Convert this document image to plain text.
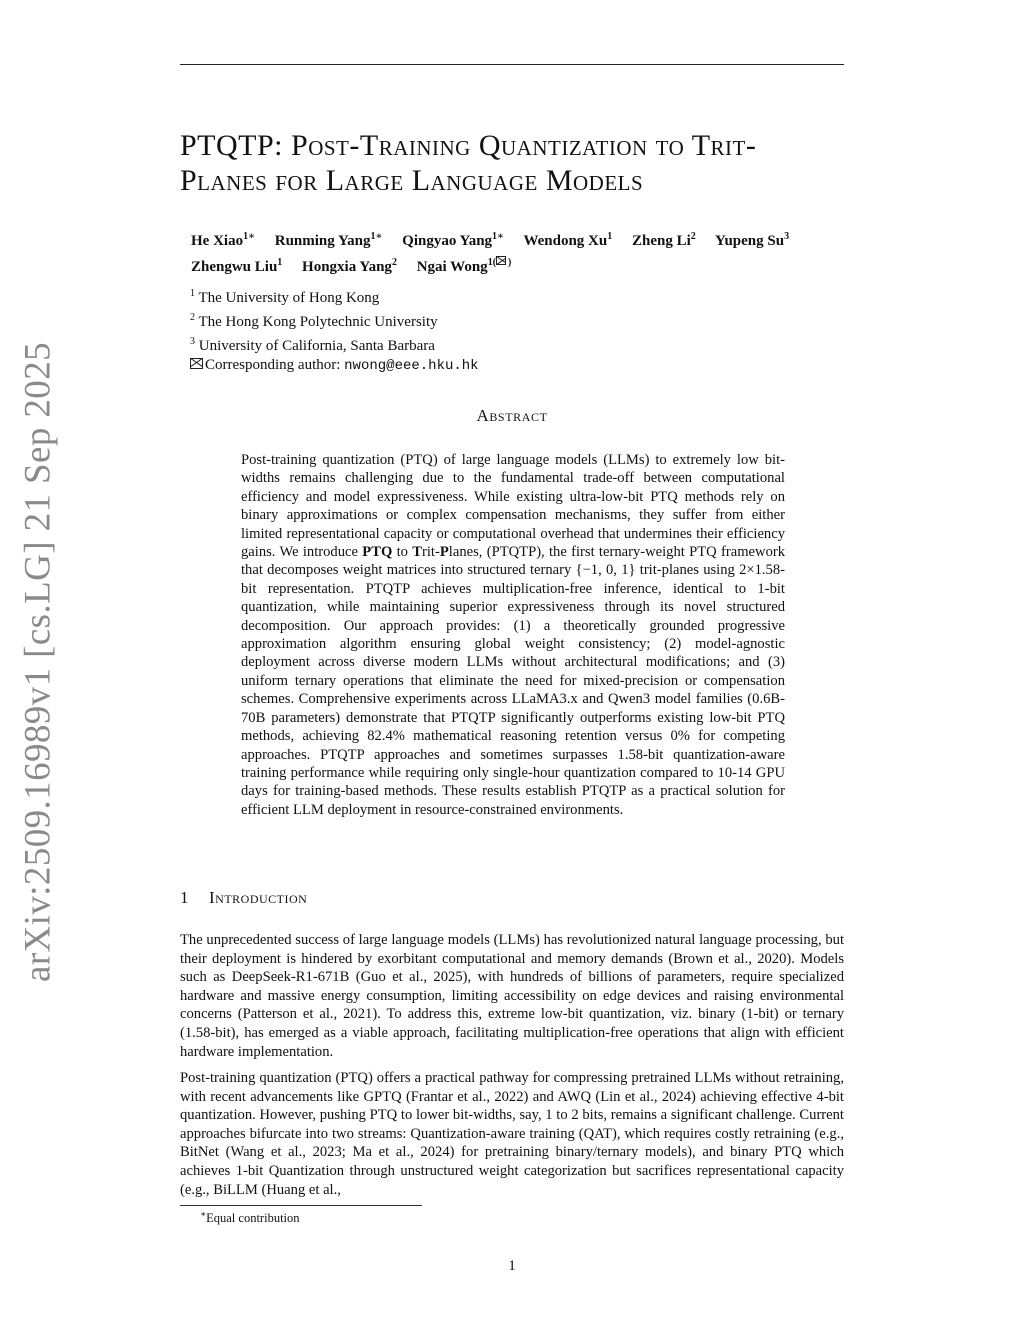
arXiv:2509.16989v1 [cs.LG] 21 Sep 2025
PTQTP: Post-Training Quantization to Trit-
Planes for Large Language Models
He Xiao$^{1∗}$ Runming Yang$^{1∗}$ Qingyao Yang$^{1∗}$ Wendong Xu$^1$ Zheng Li$^2$ Yupeng Su$^3$
Zhengwu Liu$^1$ Hongxia Yang$^2$ Ngai Wong$^{1( )}$
$^1$ The University of Hong Kong
$^2$ The Hong Kong Polytechnic University
$^3$ University of California, Santa Barbara
Corresponding author: nwong@eee.hku.hk
Abstract
Post-training quantization (PTQ) of large language models (LLMs) to extremely low bit-widths remains challenging due to the fundamental trade-off between computational efficiency and model expressiveness. While existing ultra-low-bit PTQ methods rely on binary approximations or complex compensation mechanisms, they suffer from either limited representational capacity or computational overhead that undermines their efficiency gains. We introduce PTQ to Trit-Planes, (PTQTP), the first ternary-weight PTQ framework that decomposes weight matrices into structured ternary {−1, 0, 1} trit-planes using 2×1.58-bit representation. PTQTP achieves multiplication-free inference, identical to 1-bit quantization, while maintaining superior expressiveness through its novel structured decomposition. Our approach provides: (1) a theoretically grounded progressive approximation algorithm ensuring global weight consistency; (2) model-agnostic deployment across diverse modern LLMs without architectural modifications; and (3) uniform ternary operations that eliminate the need for mixed-precision or compensation schemes. Comprehensive experiments across LLaMA3.x and Qwen3 model families (0.6B-70B parameters) demonstrate that PTQTP significantly outperforms existing low-bit PTQ methods, achieving 82.4% mathematical reasoning retention versus 0% for competing approaches. PTQTP approaches and sometimes surpasses 1.58-bit quantization-aware training performance while requiring only single-hour quantization compared to 10-14 GPU days for training-based methods. These results establish PTQTP as a practical solution for efficient LLM deployment in resource-constrained environments.
1 Introduction
The unprecedented success of large language models (LLMs) has revolutionized natural language processing, but their deployment is hindered by exorbitant computational and memory demands (Brown et al., 2020). Models such as DeepSeek-R1-671B (Guo et al., 2025), with hundreds of billions of parameters, require specialized hardware and massive energy consumption, limiting accessibility on edge devices and raising environmental concerns (Patterson et al., 2021). To address this, extreme low-bit quantization, viz. binary (1-bit) or ternary (1.58-bit), has emerged as a viable approach, facilitating multiplication-free operations that align with efficient hardware implementation.
Post-training quantization (PTQ) offers a practical pathway for compressing pretrained LLMs without retraining, with recent advancements like GPTQ (Frantar et al., 2022) and AWQ (Lin et al., 2024) achieving effective 4-bit quantization. However, pushing PTQ to lower bit-widths, say, 1 to 2 bits, remains a significant challenge. Current approaches bifurcate into two streams: Quantization-aware training (QAT), which requires costly retraining (e.g., BitNet (Wang et al., 2023; Ma et al., 2024) for pretraining binary/ternary models), and binary PTQ which achieves 1-bit Quantization through unstructured weight categorization but sacrifices representational capacity (e.g., BiLLM (Huang et al.,
∗Equal contribution
1
